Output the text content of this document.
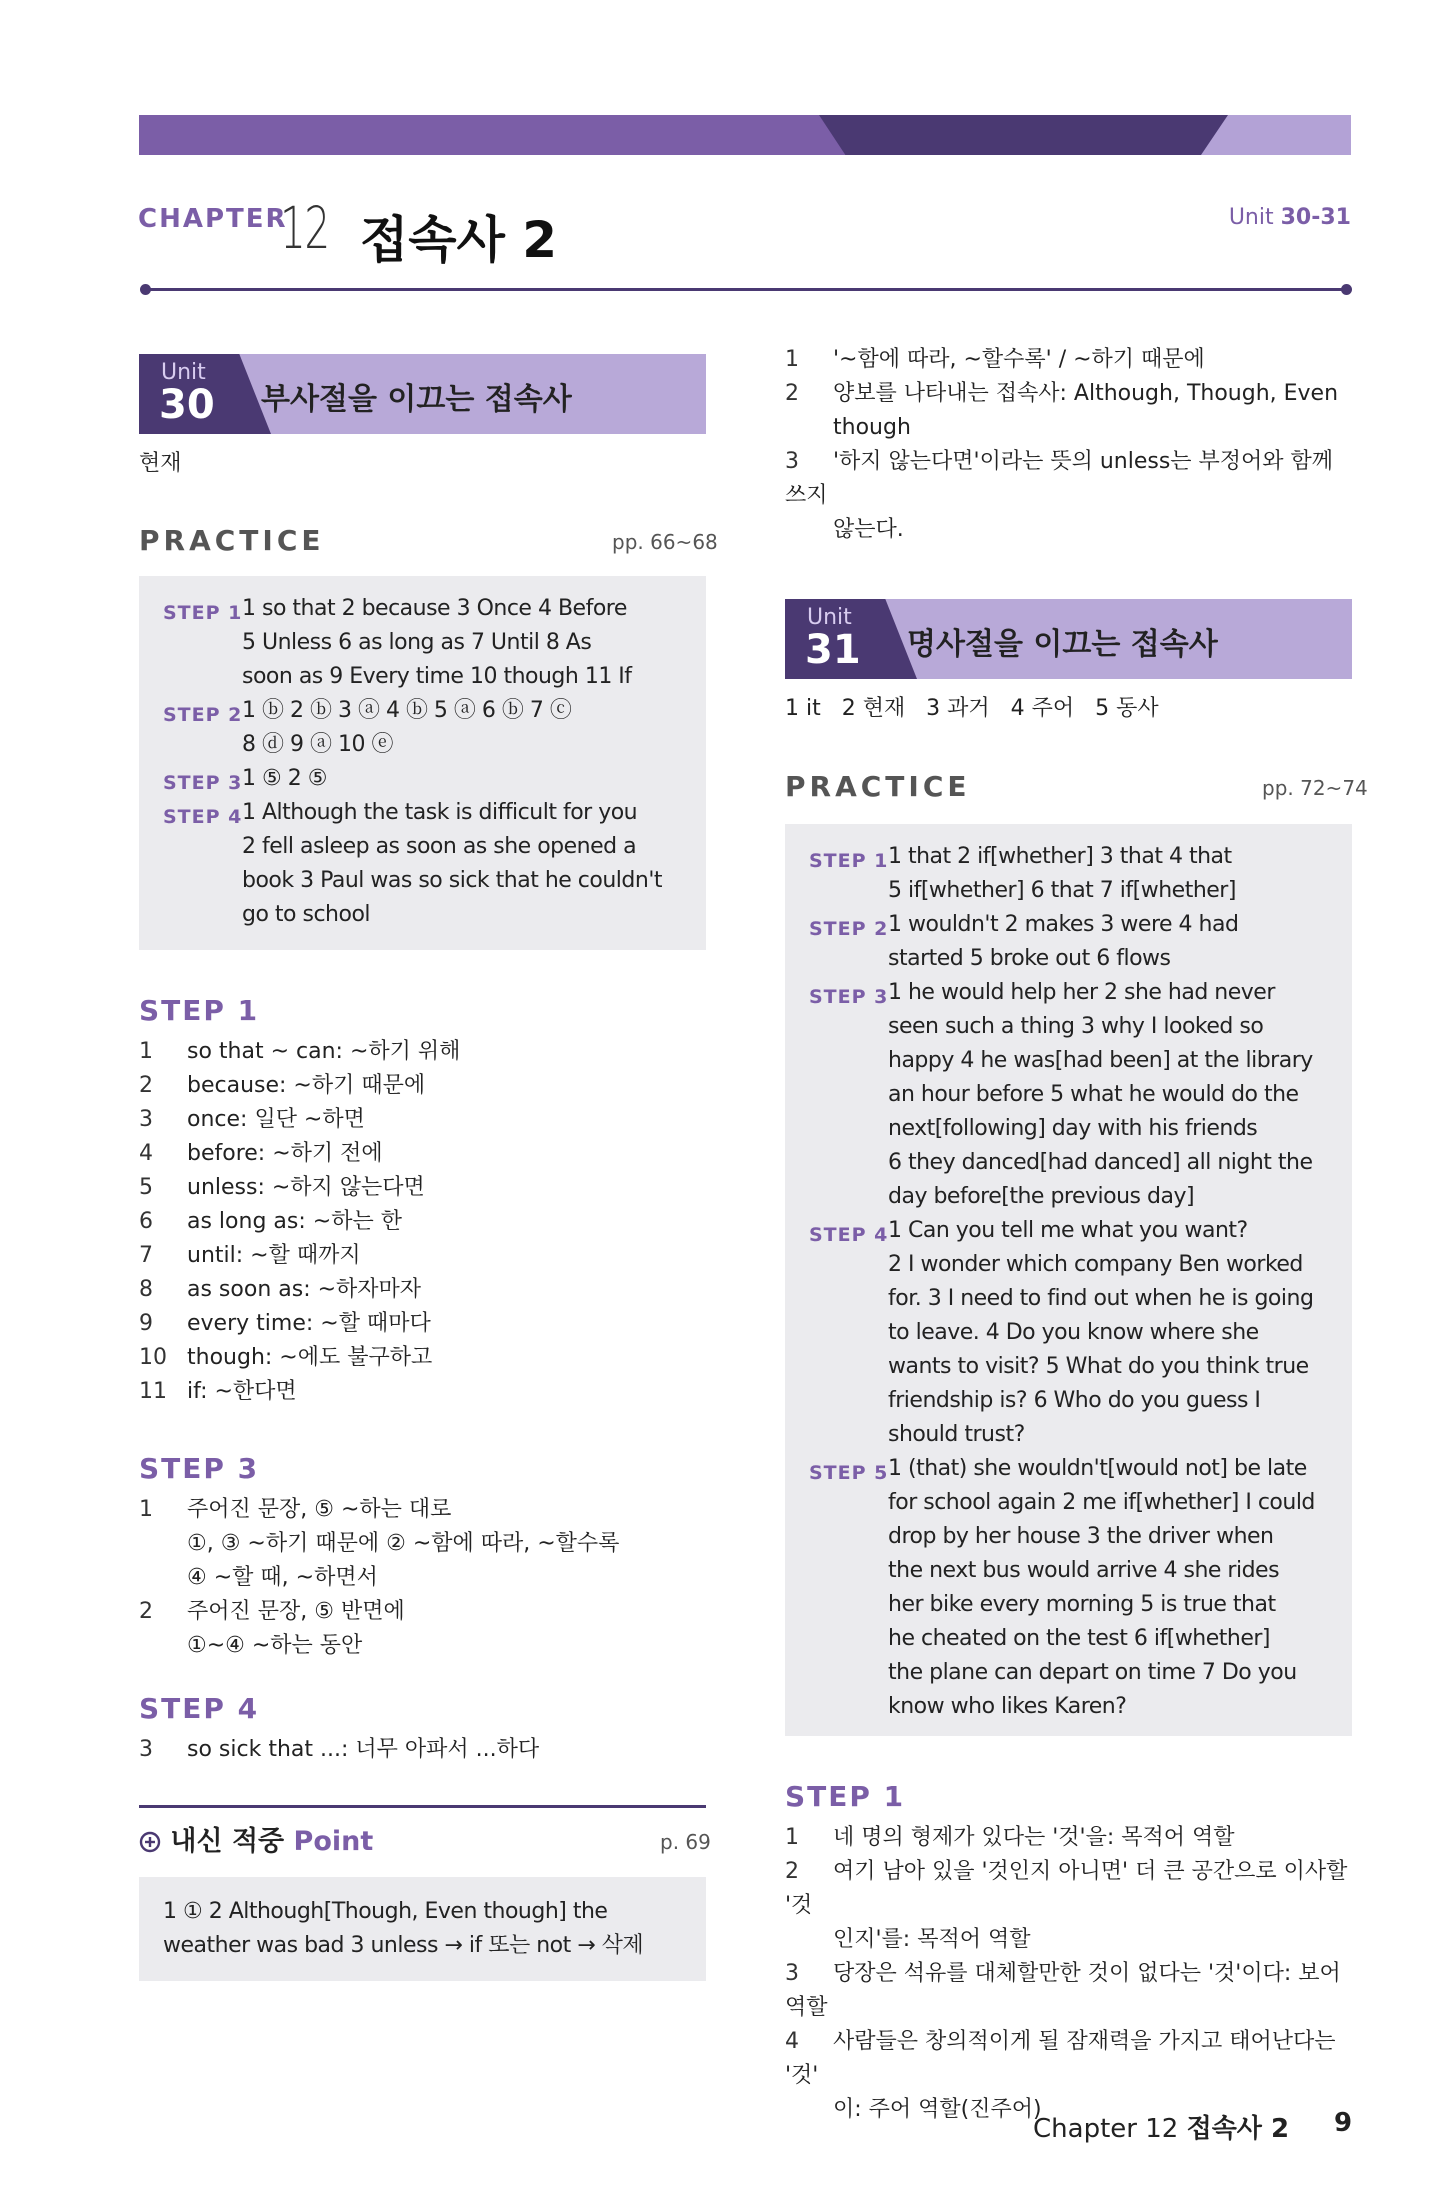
CHAPTER
12 접속사 2	Unit 30-31
Unit
30 부사절을 이끄는 접속사
현재
PRACTICE	pp. 66~68
STEP 1 1 so that 2 because 3 Once 4 Before
5 Unless 6 as long as 7 Until 8 As
soon as 9 Every time 10 though 11 If
STEP 2 1 ⓑ 2 ⓑ 3 ⓐ 4 ⓑ 5 ⓐ 6 ⓑ 7 ⓒ
8 ⓓ 9 ⓐ 10 ⓔ
STEP 3 1 ⑤ 2 ⑤
STEP 4 1 Although the task is difficult for you
2 fell asleep as soon as she opened a
book 3 Paul was so sick that he couldn't
go to school
STEP 1
1 so that ~ can: ~하기 위해
2 because: ~하기 때문에
3 once: 일단 ~하면
4 before: ~하기 전에
5 unless: ~하지 않는다면
6 as long as: ~하는 한
7 until: ~할 때까지
8 as soon as: ~하자마자
9 every time: ~할 때마다
10 though: ~에도 불구하고
11 if: ~한다면
STEP 3
1 주어진 문장, ⑤ ~하는 대로
①, ③ ~하기 때문에 ② ~함에 따라, ~할수록
④ ~할 때, ~하면서
2 주어진 문장, ⑤ 반면에
①~④ ~하는 동안
STEP 4
3 so sick that ...: 너무 아파서 ...하다
내신 적중 Point	p. 69
1 ① 2 Although[Though, Even though] the
weather was bad 3 unless → if 또는 not → 삭제
1 '~함에 따라, ~할수록' / ~하기 때문에
2 양보를 나타내는 접속사: Although, Though, Even
though
3 '하지 않는다면'이라는 뜻의 unless는 부정어와 함께 쓰지
않는다.
Unit
31 명사절을 이끄는 접속사
1 it   2 현재   3 과거   4 주어   5 동사
PRACTICE	pp. 72~74
STEP 1 1 that 2 if[whether] 3 that 4 that
5 if[whether] 6 that 7 if[whether]
STEP 2 1 wouldn't 2 makes 3 were 4 had
started 5 broke out 6 flows
STEP 3 1 he would help her 2 she had never
seen such a thing 3 why I looked so
happy 4 he was[had been] at the library
an hour before 5 what he would do the
next[following] day with his friends
6 they danced[had danced] all night the
day before[the previous day]
STEP 4 1 Can you tell me what you want?
2 I wonder which company Ben worked
for. 3 I need to find out when he is going
to leave. 4 Do you know where she
wants to visit? 5 What do you think true
friendship is? 6 Who do you guess I
should trust?
STEP 5 1 (that) she wouldn't[would not] be late
for school again 2 me if[whether] I could
drop by her house 3 the driver when
the next bus would arrive 4 she rides
her bike every morning 5 is true that
he cheated on the test 6 if[whether]
the plane can depart on time 7 Do you
know who likes Karen?
STEP 1
1 네 명의 형제가 있다는 '것'을: 목적어 역할
2 여기 남아 있을 '것인지 아니면' 더 큰 공간으로 이사할 '것
인지'를: 목적어 역할
3 당장은 석유를 대체할만한 것이 없다는 '것'이다: 보어 역할
4 사람들은 창의적이게 될 잠재력을 가지고 태어난다는 '것'
이: 주어 역할(진주어)
Chapter 12 접속사 2 9
